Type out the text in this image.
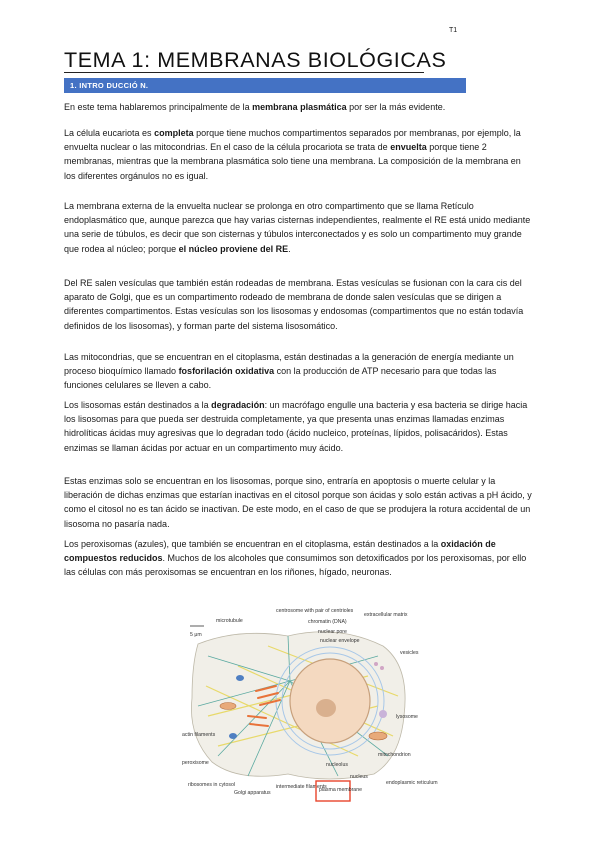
T1
TEMA 1: MEMBRANAS BIOLÓGICAS
1. INTRO DUCCIÓ N.

En este tema hablaremos principalmente de la membrana plasmática por ser la más evidente.

La célula eucariota es completa porque tiene muchos compartimentos separados por membranas, por ejemplo, la envuelta nuclear o las mitocondrias. En el caso de la célula procariota se trata de envuelta porque tiene 2 membranas, mientras que la membrana plasmática solo tiene una membrana. La composición de la membrana en los diferentes orgánulos no es igual.

La membrana externa de la envuelta nuclear se prolonga en otro compartimento que se llama Retículo endoplasmático que, aunque parezca que hay varias cisternas independientes, realmente el RE está unido mediante una serie de túbulos, es decir que son cisternas y túbulos interconectados y es solo un compartimento muy grande que rodea al núcleo; porque el núcleo proviene del RE.

Del RE salen vesículas que también están rodeadas de membrana. Estas vesículas se fusionan con la cara cis del aparato de Golgi, que es un compartimento rodeado de membrana de donde salen vesículas que se dirigen a diferentes compartimentos. Estas vesículas son los lisosomas y endosomas (compartimentos que no están todavía definidos de los lisosomas), y forman parte del sistema lisosomático.

Las mitocondrias, que se encuentran en el citoplasma, están destinadas a la generación de energía mediante un proceso bioquímico llamado fosforilación oxidativa con la producción de ATP necesario para que todas las funciones celulares se lleven a cabo.

Los lisosomas están destinados a la degradación: un macrófago engulle una bacteria y esa bacteria se dirige hacia los lisosomas para que pueda ser destruida completamente, ya que presenta unas enzimas llamadas enzimas hidrolíticas ácidas muy agresivas que lo degradan todo (ácido nucleico, proteínas, lípidos, polisacáridos). Estas enzimas se llaman ácidas por actuar en un compartimento muy ácido.

Estas enzimas solo se encuentran en los lisosomas, porque sino, entraría en apoptosis o muerte celular y la liberación de dichas enzimas que estarían inactivas en el citosol porque son ácidas y solo están activas a pH ácido, y como el citosol no es tan ácido se inactivan. De este modo, en el caso de que se produjera la rotura accidental de un lisosoma no pasaría nada.

Los peroxisomas (azules), que también se encuentran en el citoplasma, están destinados a la oxidación de compuestos reducidos. Muchos de los alcoholes que consumimos son detoxificados por los peroxisomas, por ello las células con más peroxisomas se encuentran en los riñones, hígado, neuronas.

5 μm
microtubule
centrosome with pair of centrioles
chromatin (DNA)
nuclear pore
nuclear envelope
extracellular matrix
vesicles
lysosome
mitochondrion
actin filaments
peroxisome
ribosomes in cytosol
Golgi apparatus
intermediate filaments
plasma membrane
nucleolus
nucleus
endoplasmic reticulum
